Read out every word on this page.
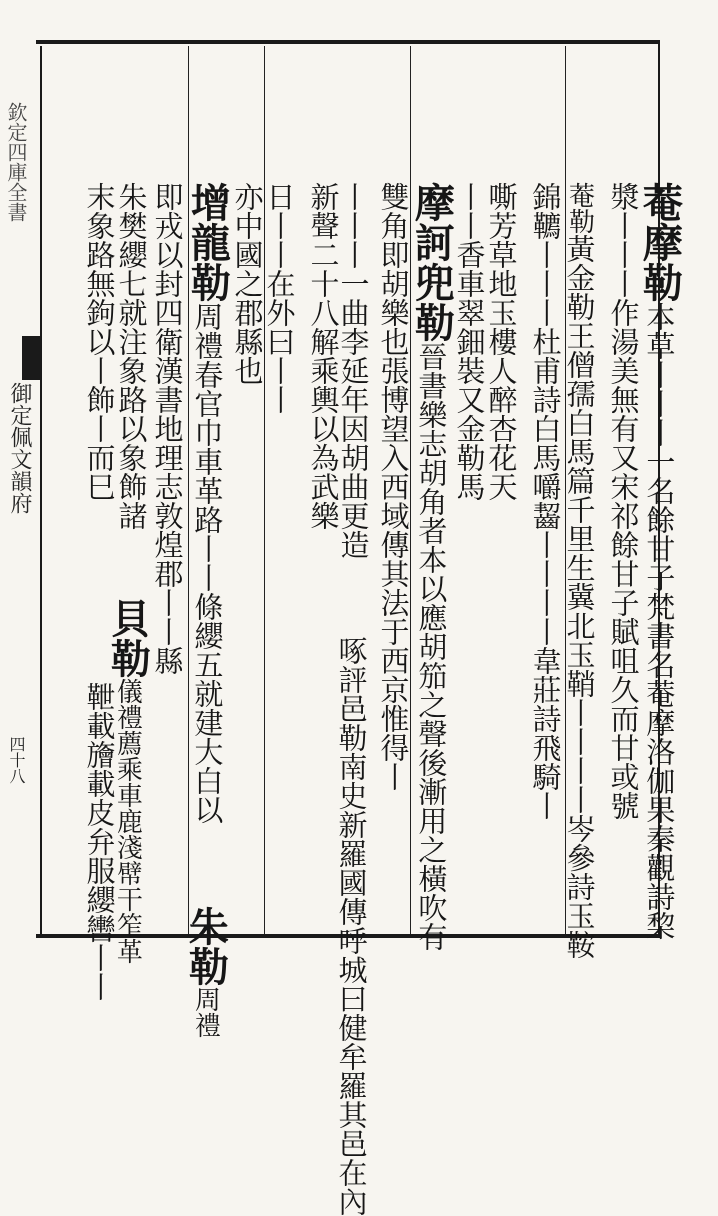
欽定四庫全書
御定佩文韻府
四十八

菴摩勒本草丨丨丨一名餘甘子梵書名菴摩洛伽果秦觀詩棃

漿丨丨丨作湯美無有又宋祁餘甘子賦咀久而甘或號

菴勒黃金勒王僧孺白馬篇千里生冀北玉鞘丨丨丨丨岑參詩玉鞍

錦韀丨丨丨杜甫詩白馬嚼齧丨丨丨丨韋莊詩飛騎丨

嘶芳草地玉樓人醉杏花天

丨丨香車翠鈿裝又金勒馬

摩訶兜勒晉書樂志胡角者本以應胡笳之聲後漸用之橫吹有

雙角即胡樂也張博望入西域傳其法于西京惟得丨

丨丨丨一曲李延年因胡曲更造

新聲二十八解乘輿以為武樂

啄評邑勒南史新羅國傳呼城曰健牟羅其邑在內

日丨丨在外曰丨丨

亦中國之郡縣也

增龍勒周禮春官巾車革路丨丨條纓五就建大白以

即戎以封四衛漢書地理志敦煌郡丨丨縣

朱勒周禮

朱樊纓七就注象路以象飾諸

末象路無鉤以丨飾丨而巳

貝勒儀禮薦乘車鹿淺幦干笮革

靾載旝載皮弁服纓轡丨丨
